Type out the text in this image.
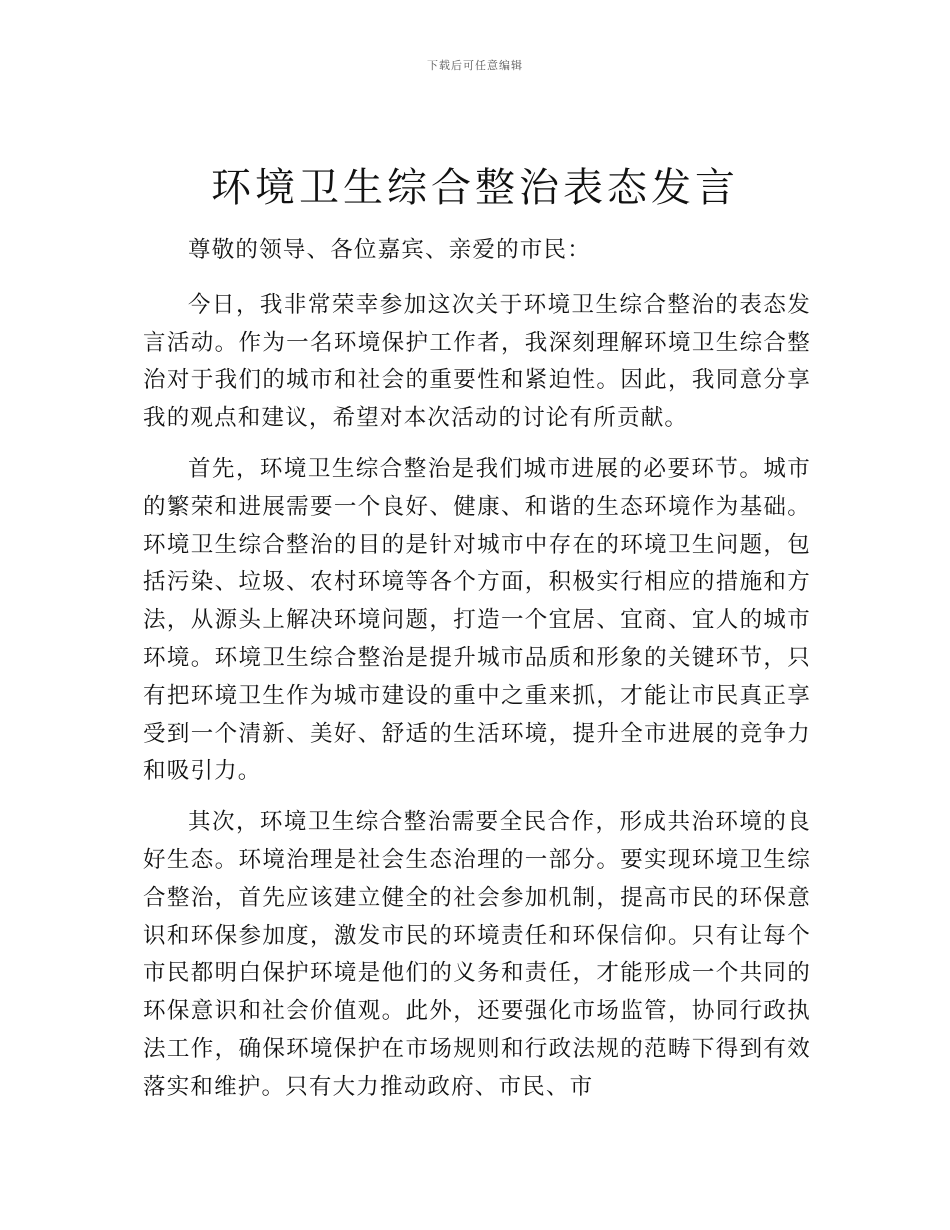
下载后可任意编辑
环境卫生综合整治表态发言

尊敬的领导、各位嘉宾、亲爱的市民：

今日，我非常荣幸参加这次关于环境卫生综合整治的表态发言活动。作为一名环境保护工作者，我深刻理解环境卫生综合整治对于我们的城市和社会的重要性和紧迫性。因此，我同意分享我的观点和建议，希望对本次活动的讨论有所贡献。

首先，环境卫生综合整治是我们城市进展的必要环节。城市的繁荣和进展需要一个良好、健康、和谐的生态环境作为基础。环境卫生综合整治的目的是针对城市中存在的环境卫生问题，包括污染、垃圾、农村环境等各个方面，积极实行相应的措施和方法，从源头上解决环境问题，打造一个宜居、宜商、宜人的城市环境。环境卫生综合整治是提升城市品质和形象的关键环节，只有把环境卫生作为城市建设的重中之重来抓，才能让市民真正享受到一个清新、美好、舒适的生活环境，提升全市进展的竞争力和吸引力。

其次，环境卫生综合整治需要全民合作，形成共治环境的良好生态。环境治理是社会生态治理的一部分。要实现环境卫生综合整治，首先应该建立健全的社会参加机制，提高市民的环保意识和环保参加度，激发市民的环境责任和环保信仰。只有让每个市民都明白保护环境是他们的义务和责任，才能形成一个共同的环保意识和社会价值观。此外，还要强化市场监管，协同行政执法工作，确保环境保护在市场规则和行政法规的范畴下得到有效落实和维护。只有大力推动政府、市民、市
